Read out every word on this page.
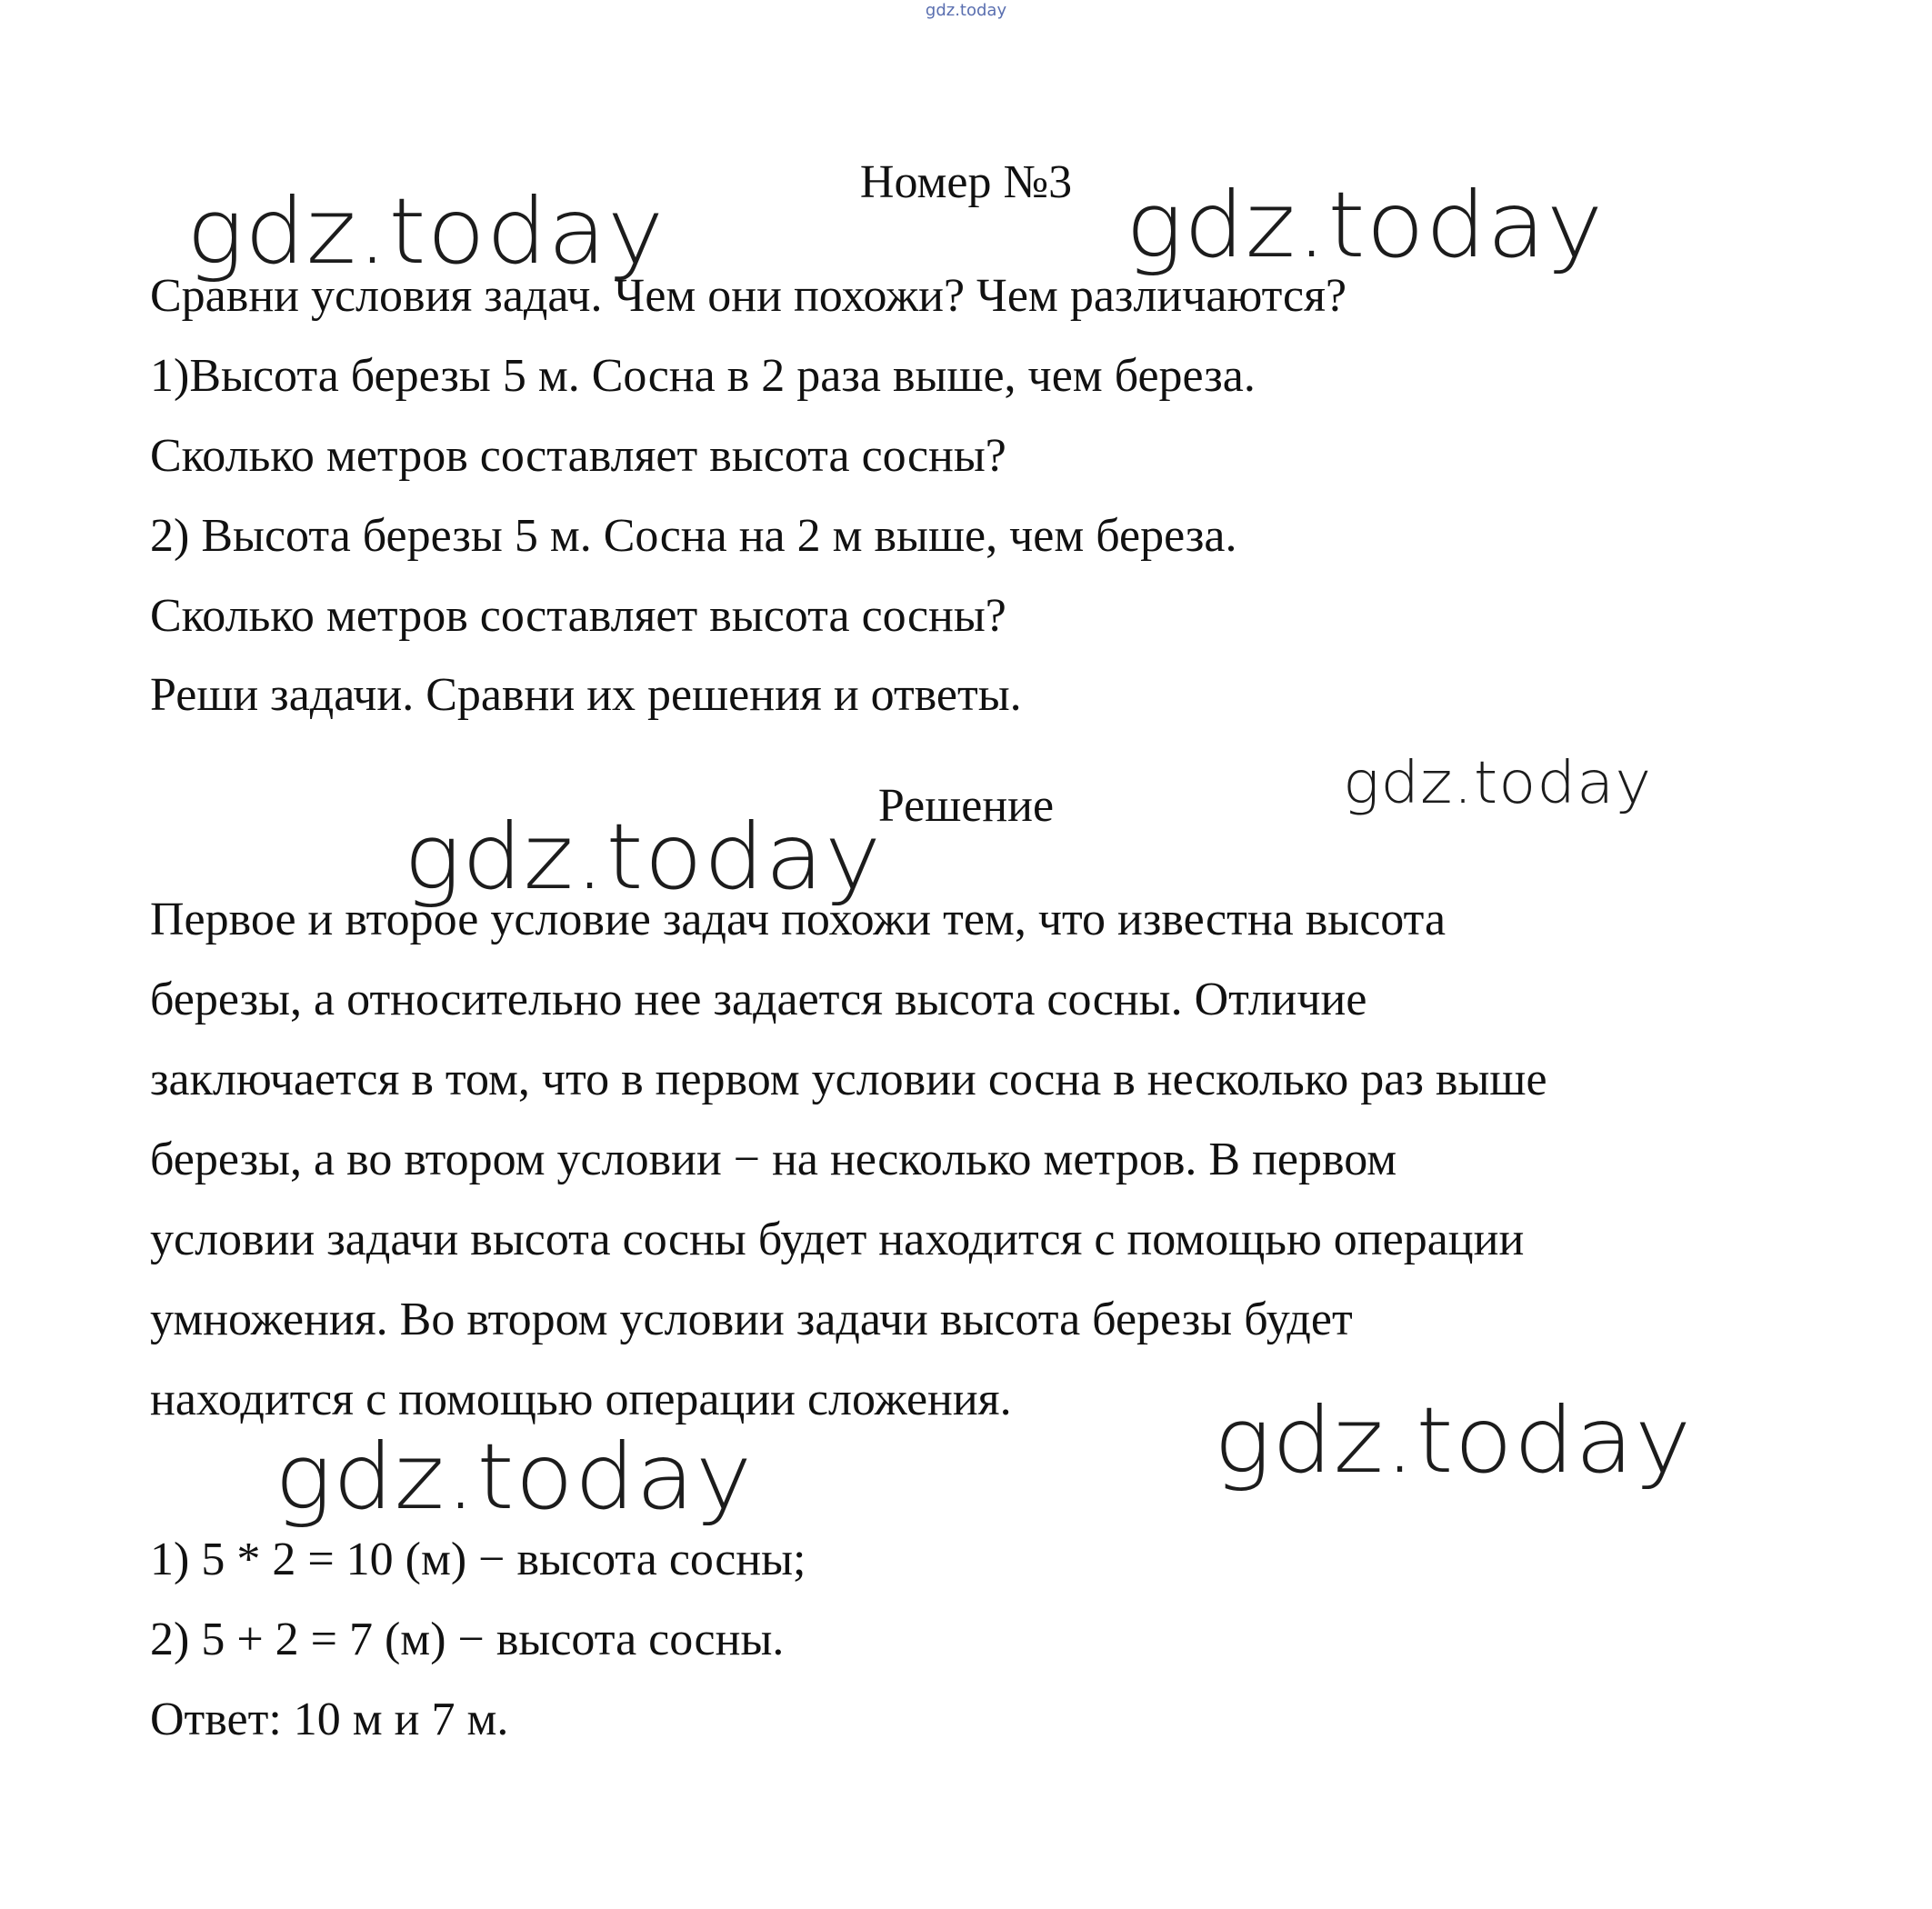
gdz.today
Номер №3

Сравни условия задач. Чем они похожи? Чем различаются?

1)Высота березы 5 м. Сосна в 2 раза выше, чем береза.

Сколько метров составляет высота сосны?

2) Высота березы 5 м. Сосна на 2 м выше, чем береза.

Сколько метров составляет высота сосны?

Реши задачи. Сравни их решения и ответы.

Решение

Первое и второе условие задач похожи тем, что известна высота

березы, а относительно нее задается высота сосны. Отличие

заключается в том, что в первом условии сосна в несколько раз выше

березы, а во втором условии − на несколько метров. В первом

условии задачи высота сосны будет находится с помощью операции

умножения. Во втором условии задачи высота березы будет

находится с помощью операции сложения.

1) 5 * 2 = 10 (м) − высота сосны;

2) 5 + 2 = 7 (м) − высота сосны.

Ответ: 10 м и 7 м.

gdz.today	gdz.today
gdz.today
gdz.today
gdz.today
gdz.today
